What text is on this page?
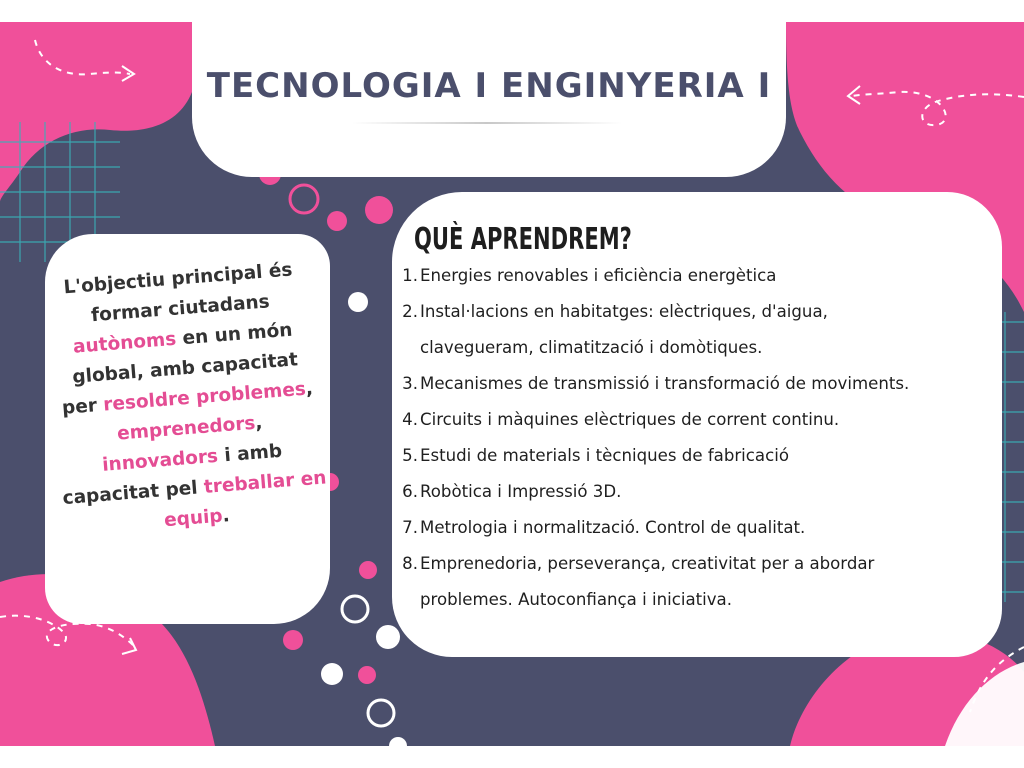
TECNOLOGIA I ENGINYERIA I
L'objectiu principal és formar ciutadans autònoms en un món global, amb capacitat per resoldre problemes, emprenedors, innovadors i amb capacitat pel treballar en equip.
QUÈ APRENDREM?
1. Energies renovables i eficiència energètica
2. Instal·lacions en habitatges: elèctriques, d'aigua,
clavegueram, climatització i domòtiques.
3. Mecanismes de transmissió i transformació de moviments.
4. Circuits i màquines elèctriques de corrent continu.
5. Estudi de materials i tècniques de fabricació
6. Robòtica i Impressió 3D.
7. Metrologia i normalització. Control de qualitat.
8. Emprenedoria, perseverança, creativitat per a abordar
problemes. Autoconfiança i iniciativa.
